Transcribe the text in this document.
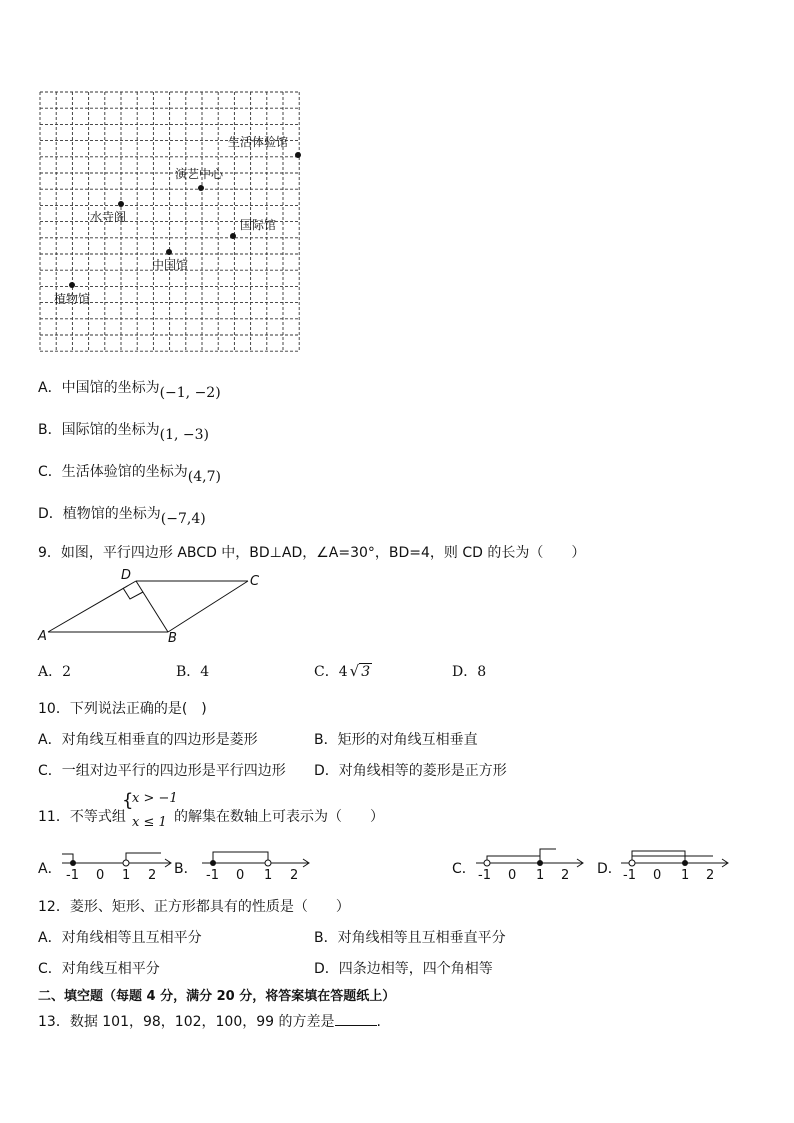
生活体验馆
演艺中心
水寺阁
国际馆
中国馆
植物馆
A．中国馆的坐标为(−1, −2)
B．国际馆的坐标为(1, −3)
C．生活体验馆的坐标为(4,7)
D．植物馆的坐标为(−7,4)
9．如图，平行四边形 ABCD 中，BD⊥AD，∠A=30°，BD=4，则 CD 的长为（　　）
A	B
C
D
A．2	B．4	C．4 √ 3	D．8
10．下列说法正确的是(　)
A．对角线互相垂直的四边形是菱形	B．矩形的对角线互相垂直
C．一组对边平行的四边形是平行四边形 D．对角线相等的菱形是正方形
11．不等式组
{
x > −1
x ≤ 1 的解集在数轴上可表示为（　　）
A．	B．	C．	D．
-1 0 1 2	-1 0 1 2	-1 0 1 2	-1 0 1 2
12．菱形、矩形、正方形都具有的性质是（　　）
A．对角线相等且互相平分	B．对角线相等且互相垂直平分
C．对角线互相平分	D．四条边相等，四个角相等
二、填空题（每题 4 分，满分 20 分，将答案填在答题纸上）
13．数据 101，98，102，100，99 的方差是	.
